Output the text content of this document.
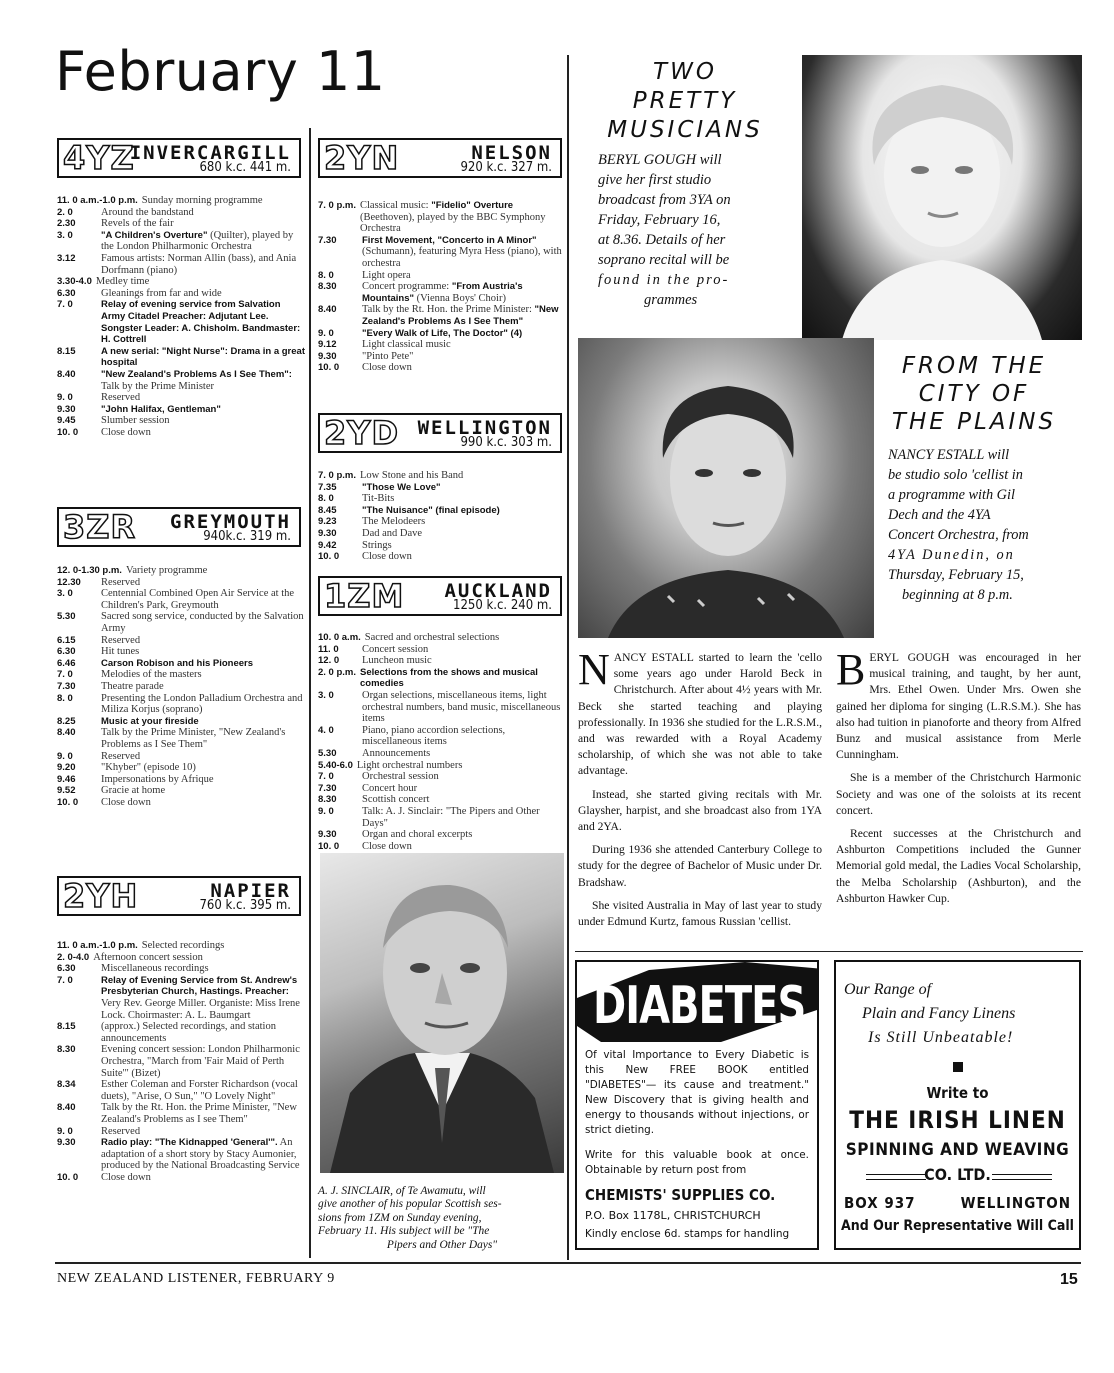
February 11
4YZ
INVERCARGILL
680 k.c. 441 m. 2YN	NELSON
920 k.c. 327 m.
2YD WELLINGTON
990 k.c. 303 m.
3ZR GREYMOUTH
940k.c. 319 m.
1ZM AUCKLAND
1250 k.c. 240 m.
2YH	NAPIER
760 k.c. 395 m.
11. 0 a.m.-1.0 p.m. Sunday morning programme
2. 0	Around the bandstand
2.30	Revels of the fair
3. 0	"A Children's Overture" (Quilter), played by the London Philharmonic Orchestra
3.12	Famous artists: Norman Allin (bass), and Ania Dorfmann (piano)
3.30-4.0 Medley time
6.30	Gleanings from far and wide
7. 0	Relay of evening service from Salvation Army Citadel Preacher: Adjutant Lee. Songster Leader: A. Chisholm. Bandmaster: H. Cottrell
8.15	A new serial: "Night Nurse": Drama in a great hospital
8.40	"New Zealand's Problems As I See Them": Talk by the Prime Minister
9. 0	Reserved
9.30	"John Halifax, Gentleman"
9.45	Slumber session
10. 0	Close down
7. 0 p.m. Classical music: "Fidelio" Overture (Beethoven), played by the BBC Symphony Orchestra
7.30	First Movement, "Concerto in A Minor" (Schumann), featuring Myra Hess (piano), with orchestra
8. 0	Light opera
8.30	Concert programme: "From Austria's Mountains" (Vienna Boys' Choir)
8.40	Talk by the Rt. Hon. the Prime Minister: "New Zealand's Problems As I See Them"
9. 0	"Every Walk of Life, The Doctor" (4)
9.12	Light classical music
9.30	"Pinto Pete"
10. 0	Close down
7. 0 p.m. Low Stone and his Band
7.35	"Those We Love"
8. 0	Tit-Bits
8.45	"The Nuisance" (final episode)
9.23	The Melodeers
9.30	Dad and Dave
9.42	Strings
10. 0	Close down
12. 0-1.30 p.m. Variety programme
12.30	Reserved
3. 0	Centennial Combined Open Air Service at the Children's Park, Greymouth
5.30	Sacred song service, conducted by the Salvation Army
6.15	Reserved
6.30	Hit tunes
6.46	Carson Robison and his Pioneers
7. 0	Melodies of the masters
7.30	Theatre parade
8. 0	Presenting the London Palladium Orchestra and Miliza Korjus (soprano)
8.25	Music at your fireside
8.40	Talk by the Prime Minister, "New Zealand's Problems as I See Them"
9. 0	Reserved
9.20	"Khyber" (episode 10)
9.46	Impersonations by Afrique
9.52	Gracie at home
10. 0	Close down
10. 0 a.m. Sacred and orchestral selections
11. 0	Concert session
12. 0	Luncheon music
2. 0 p.m. Selections from the shows and musical comedies
3. 0	Organ selections, miscellaneous items, light orchestral numbers, band music, miscellaneous items
4. 0	Piano, piano accordion selections, miscellaneous items
5.30	Announcements
5.40-6.0 Light orchestral numbers
7. 0	Orchestral session
7.30	Concert hour
8.30	Scottish concert
9. 0	Talk: A. J. Sinclair: "The Pipers and Other Days"
9.30	Organ and choral excerpts
10. 0	Close down
11. 0 a.m.-1.0 p.m. Selected recordings
2. 0-4.0 Afternoon concert session
6.30	Miscellaneous recordings
7. 0	Relay of Evening Service from St. Andrew's Presbyterian Church, Hastings. Preacher: Very Rev. George Miller. Organiste: Miss Irene Lock. Choirmaster: A. L. Baumgart
8.15	(approx.) Selected recordings, and station announcements
8.30	Evening concert session: London Philharmonic Orchestra, "March from 'Fair Maid of Perth Suite'" (Bizet)
8.34	Esther Coleman and Forster Richardson (vocal duets), "Arise, O Sun," "O Lovely Night"
8.40	Talk by the Rt. Hon. the Prime Minister, "New Zealand's Problems as I see Them"
9. 0	Reserved
9.30	Radio play: "The Kidnapped 'General'". An adaptation of a short story by Stacy Aumonier, produced by the National Broadcasting Service
10. 0	Close down
A. J. SINCLAIR, of Te Awamutu, will
give another of his popular Scottish ses-
sions from 1ZM on Sunday evening,
February 11. His subject will be "The
Pipers and Other Days"
TWO
PRETTY
MUSICIANS
BERYL GOUGH will
give her first studio
broadcast from 3YA on
Friday, February 16,
at 8.36. Details of her
soprano recital will be
found in the pro-
grammes
FROM THE
CITY OF
THE PLAINS
NANCY ESTALL will
be studio solo 'cellist in
a programme with Gil
Dech and the 4YA
Concert Orchestra, from
4YA Dunedin, on
Thursday, February 15,
beginning at 8 p.m.

NANCY ESTALL started to learn the 'cello some years ago under Harold Beck in Christchurch. After about 4½ years with Mr. Beck she started teaching and playing professionally. In 1936 she studied for the L.R.S.M., and was rewarded with a Royal Academy scholarship, of which she was not able to take advantage.

Instead, she started giving recitals with Mr. Glaysher, harpist, and she broadcast also from 1YA and 2YA.

During 1936 she attended Canterbury College to study for the degree of Bachelor of Music under Dr. Bradshaw.

She visited Australia in May of last year to study under Edmund Kurtz, famous Russian 'cellist.

BERYL GOUGH was encouraged in her musical training, and taught, by her aunt, Mrs. Ethel Owen. Under Mrs. Owen she gained her diploma for singing (L.R.S.M.). She has also had tuition in pianoforte and theory from Alfred Bunz and musical assistance from Merle Cunningham.

She is a member of the Christchurch Harmonic Society and was one of the soloists at its recent concert.

Recent successes at the Christchurch and Ashburton Competitions included the Gunner Memorial gold medal, the Ladies Vocal Scholarship, the Melba Scholarship (Ashburton), and the Ashburton Hawker Cup.

DIABETES
Of vital Importance to Every Diabetic is this New FREE BOOK entitled "DIABETES"— its cause and treatment." New Discovery that is giving health and energy to thousands without injections, or strict dieting.
Write for this valuable book at once. Obtainable by return post from
CHEMISTS' SUPPLIES CO.
P.O. Box 1178L, CHRISTCHURCH
Kindly enclose 6d. stamps for handling
Our Range of
Plain and Fancy Linens
Is Still Unbeatable!
Write to
THE IRISH LINEN
SPINNING AND WEAVING
CO. LTD.
BOX 937	WELLINGTON
And Our Representative Will Call
NEW ZEALAND LISTENER, FEBRUARY 9	15
